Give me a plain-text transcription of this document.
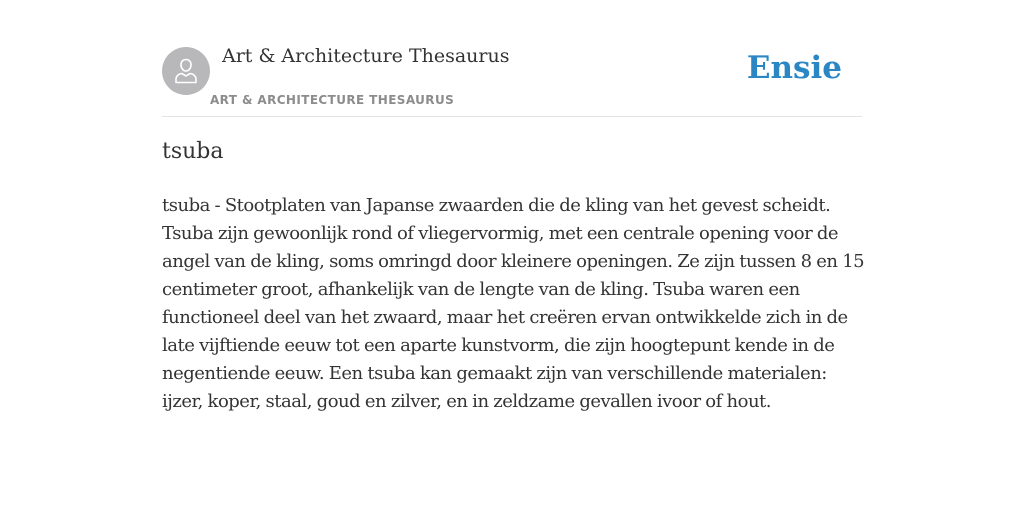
Art & Architecture Thesaurus
ART & ARCHITECTURE THESAURUS
Ensie
tsuba

tsuba - Stootplaten van Japanse zwaarden die de kling van het gevest scheidt. Tsuba zijn gewoonlijk rond of vliegervormig, met een centrale opening voor de angel van de kling, soms omringd door kleinere openingen. Ze zijn tussen 8 en 15 centimeter groot, afhankelijk van de lengte van de kling. Tsuba waren een functioneel deel van het zwaard, maar het creëren ervan ontwikkelde zich in de late vijftiende eeuw tot een aparte kunstvorm, die zijn hoogtepunt kende in de negentiende eeuw. Een tsuba kan gemaakt zijn van verschillende materialen: ijzer, koper, staal, goud en zilver, en in zeldzame gevallen ivoor of hout.
